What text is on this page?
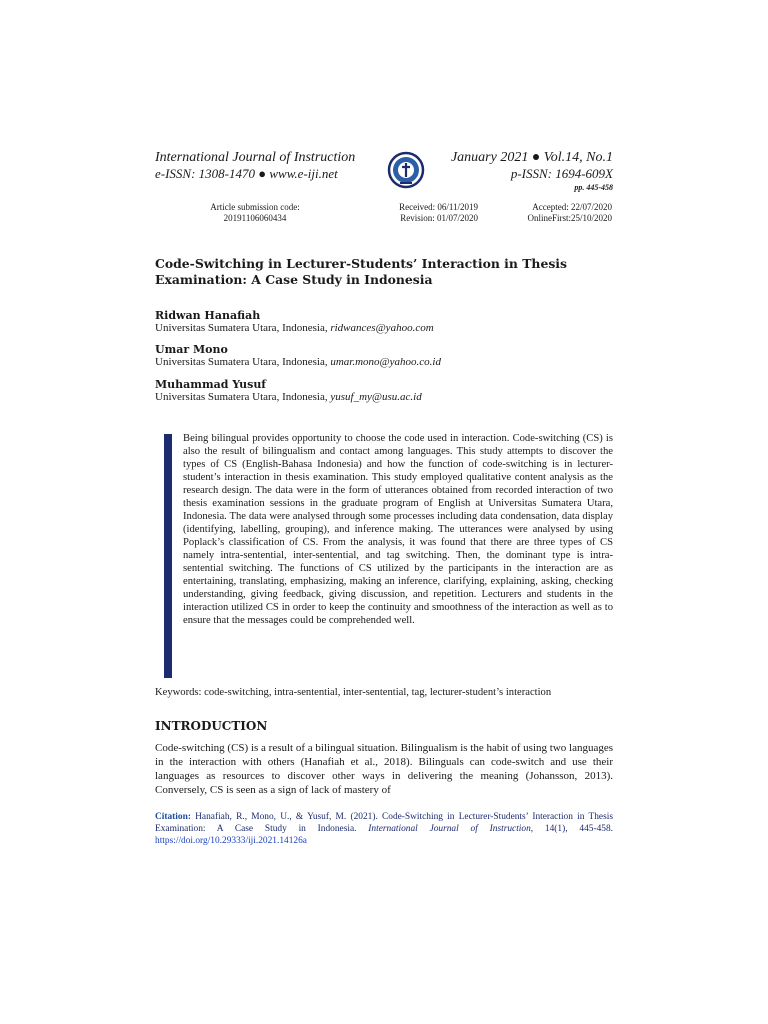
International Journal of Instruction
e-ISSN: 1308-1470 ● www.e-iji.net
January 2021 ● Vol.14, No.1
p-ISSN: 1694-609X
pp. 445-458
Article submission code:
20191106060434
Received: 06/11/2019
Revision: 01/07/2020
Accepted: 22/07/2020
OnlineFirst:25/10/2020
Code-Switching in Lecturer-Students’ Interaction in Thesis Examination: A Case Study in Indonesia
Ridwan Hanafiah
Universitas Sumatera Utara, Indonesia, ridwances@yahoo.com
Umar Mono
Universitas Sumatera Utara, Indonesia, umar.mono@yahoo.co.id
Muhammad Yusuf
Universitas Sumatera Utara, Indonesia, yusuf_my@usu.ac.id
Being bilingual provides opportunity to choose the code used in interaction. Code-switching (CS) is also the result of bilingualism and contact among languages. This study attempts to discover the types of CS (English-Bahasa Indonesia) and how the function of code-switching is in lecturer-student’s interaction in thesis examination. This study employed qualitative content analysis as the research design. The data were in the form of utterances obtained from recorded interaction of two thesis examination sessions in the graduate program of English at Universitas Sumatera Utara, Indonesia. The data were analysed through some processes including data condensation, data display (identifying, labelling, grouping), and inference making. The utterances were analysed by using Poplack’s classification of CS. From the analysis, it was found that there are three types of CS namely intra-sentential, inter-sentential, and tag switching. Then, the dominant type is intra-sentential switching. The functions of CS utilized by the participants in the interaction are as entertaining, translating, emphasizing, making an inference, clarifying, explaining, asking, checking understanding, giving feedback, giving discussion, and repetition. Lecturers and students in the interaction utilized CS in order to keep the continuity and smoothness of the interaction as well as to ensure that the messages could be comprehended well.
Keywords: code-switching, intra-sentential, inter-sentential, tag, lecturer-student’s interaction
INTRODUCTION
Code-switching (CS) is a result of a bilingual situation. Bilingualism is the habit of using two languages in the interaction with others (Hanafiah et al., 2018). Bilinguals can code-switch and use their languages as resources to discover other ways in delivering the meaning (Johansson, 2013). Conversely, CS is seen as a sign of lack of mastery of
Citation: Hanafiah, R., Mono, U., & Yusuf, M. (2021). Code-Switching in Lecturer-Students’ Interaction in Thesis Examination: A Case Study in Indonesia. International Journal of Instruction, 14(1), 445-458. https://doi.org/10.29333/iji.2021.14126a
